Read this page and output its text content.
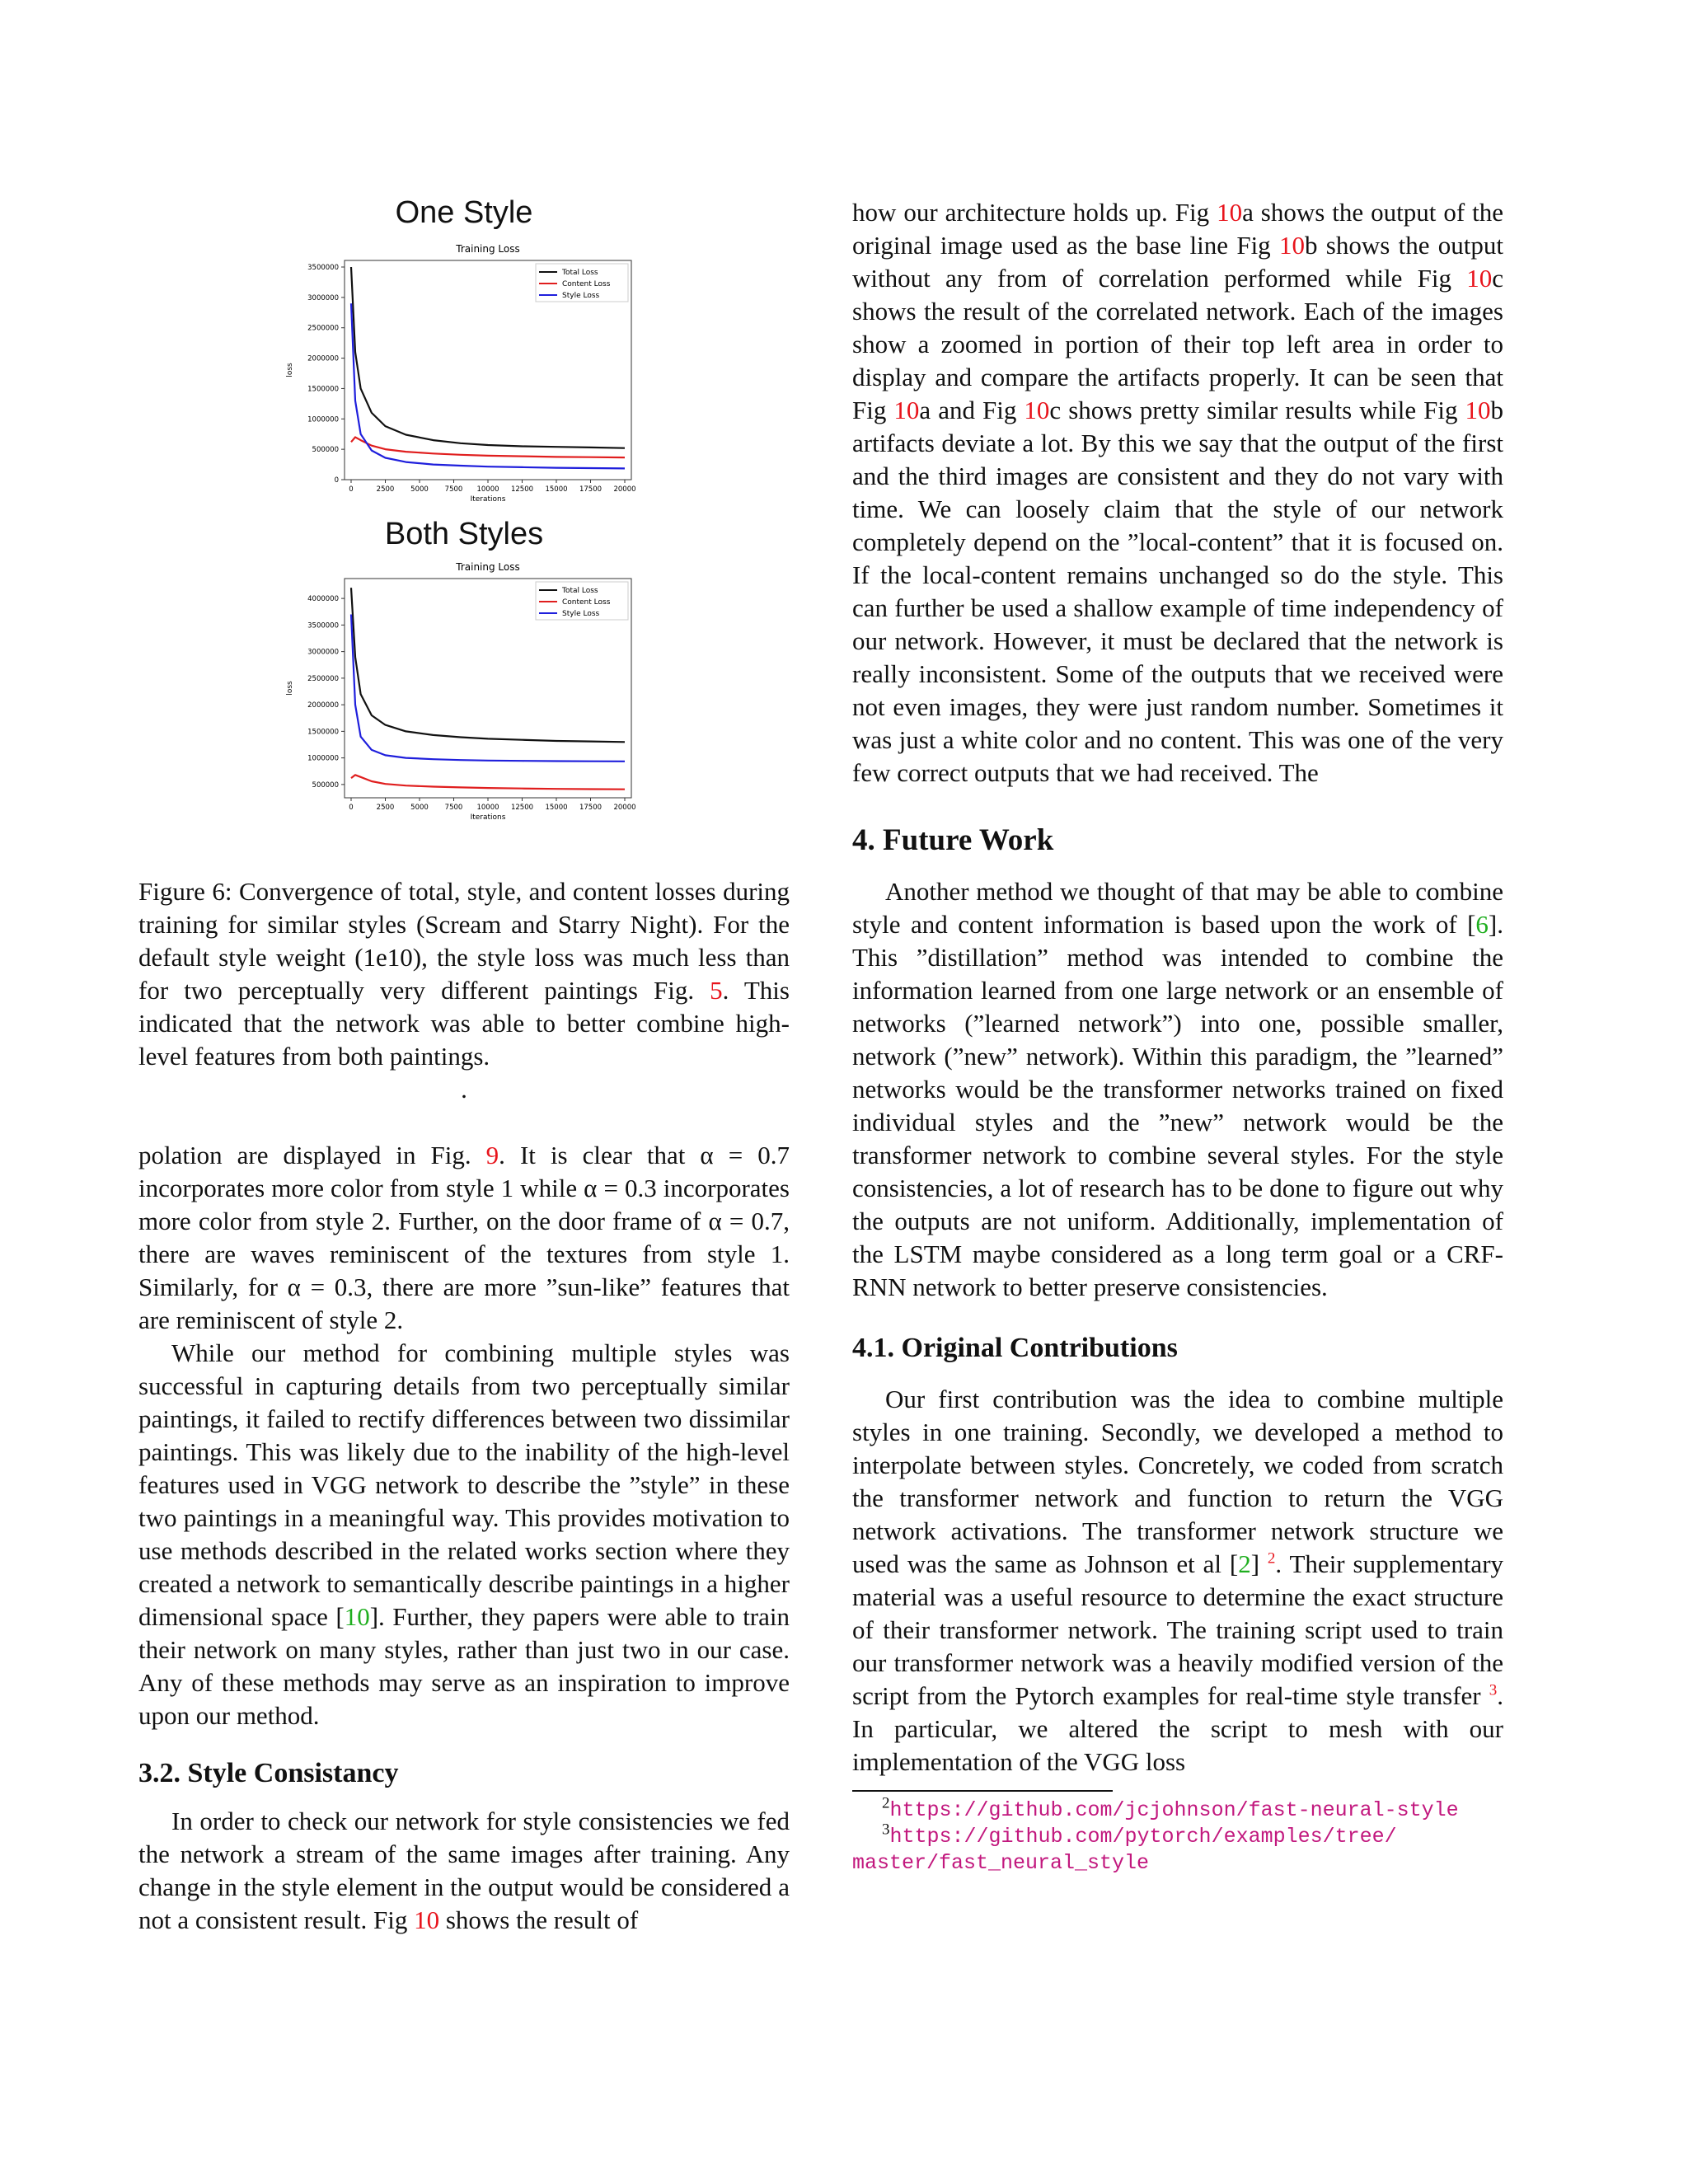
One Style
Training Loss
0
500000
1000000
1500000
2000000
2500000
3000000
3500000
0	2500 5000 7500 10000 12500 15000 17500 20000
Iterations
loss
Total Loss
Content Loss
Style Loss
Both Styles
Training Loss
500000
1000000
1500000
2000000
2500000
3000000
3500000
4000000
0	2500 5000 7500 10000 12500 15000 17500 20000
Iterations
loss
Total Loss
Content Loss
Style Loss

Figure 6: Convergence of total, style, and content losses during training for similar styles (Scream and Starry Night). For the default style weight (1e10), the style loss was much less than for two perceptually very different paintings Fig. 5. This indicated that the network was able to better combine high-level features from both paintings.

.

polation are displayed in Fig. 9. It is clear that α = 0.7 incorporates more color from style 1 while α = 0.3 incorporates more color from style 2. Further, on the door frame of α = 0.7, there are waves reminiscent of the textures from style 1. Similarly, for α = 0.3, there are more ”sun-like” features that are reminiscent of style 2.

While our method for combining multiple styles was successful in capturing details from two perceptually similar paintings, it failed to rectify differences between two dissimilar paintings. This was likely due to the inability of the high-level features used in VGG network to describe the ”style” in these two paintings in a meaningful way. This provides motivation to use methods described in the related works section where they created a network to semantically describe paintings in a higher dimensional space [10]. Further, they papers were able to train their network on many styles, rather than just two in our case. Any of these methods may serve as an inspiration to improve upon our method.

3.2. Style Consistancy

In order to check our network for style consistencies we fed the network a stream of the same images after training. Any change in the style element in the output would be considered a not a consistent result. Fig 10 shows the result of

how our architecture holds up. Fig 10a shows the output of the original image used as the base line Fig 10b shows the output without any from of correlation performed while Fig 10c shows the result of the correlated network. Each of the images show a zoomed in portion of their top left area in order to display and compare the artifacts properly. It can be seen that Fig 10a and Fig 10c shows pretty similar results while Fig 10b artifacts deviate a lot. By this we say that the output of the first and the third images are consistent and they do not vary with time. We can loosely claim that the style of our network completely depend on the ”local-content” that it is focused on. If the local-content remains unchanged so do the style. This can further be used a shallow example of time independency of our network. However, it must be declared that the network is really inconsistent. Some of the outputs that we received were not even images, they were just random number. Sometimes it was just a white color and no content. This was one of the very few correct outputs that we had received. The

4. Future Work

Another method we thought of that may be able to combine style and content information is based upon the work of [6]. This ”distillation” method was intended to combine the information learned from one large network or an ensemble of networks (”learned network”) into one, possible smaller, network (”new” network). Within this paradigm, the ”learned” networks would be the transformer networks trained on fixed individual styles and the ”new” network would be the transformer network to combine several styles. For the style consistencies, a lot of research has to be done to figure out why the outputs are not uniform. Additionally, implementation of the LSTM maybe considered as a long term goal or a CRF-RNN network to better preserve consistencies.

4.1. Original Contributions

Our first contribution was the idea to combine multiple styles in one training. Secondly, we developed a method to interpolate between styles. Concretely, we coded from scratch the transformer network and function to return the VGG network activations. The transformer network structure we used was the same as Johnson et al [2] $^2$. Their supplementary material was a useful resource to determine the exact structure of their transformer network. The training script used to train our transformer network was a heavily modified version of the script from the Pytorch examples for real-time style transfer $^3$. In particular, we altered the script to mesh with our implementation of the VGG loss

$^2$https://github.com/jcjohnson/fast-neural-style
$^3$https://github.com/pytorch/examples/tree/
master/fast_neural_style
